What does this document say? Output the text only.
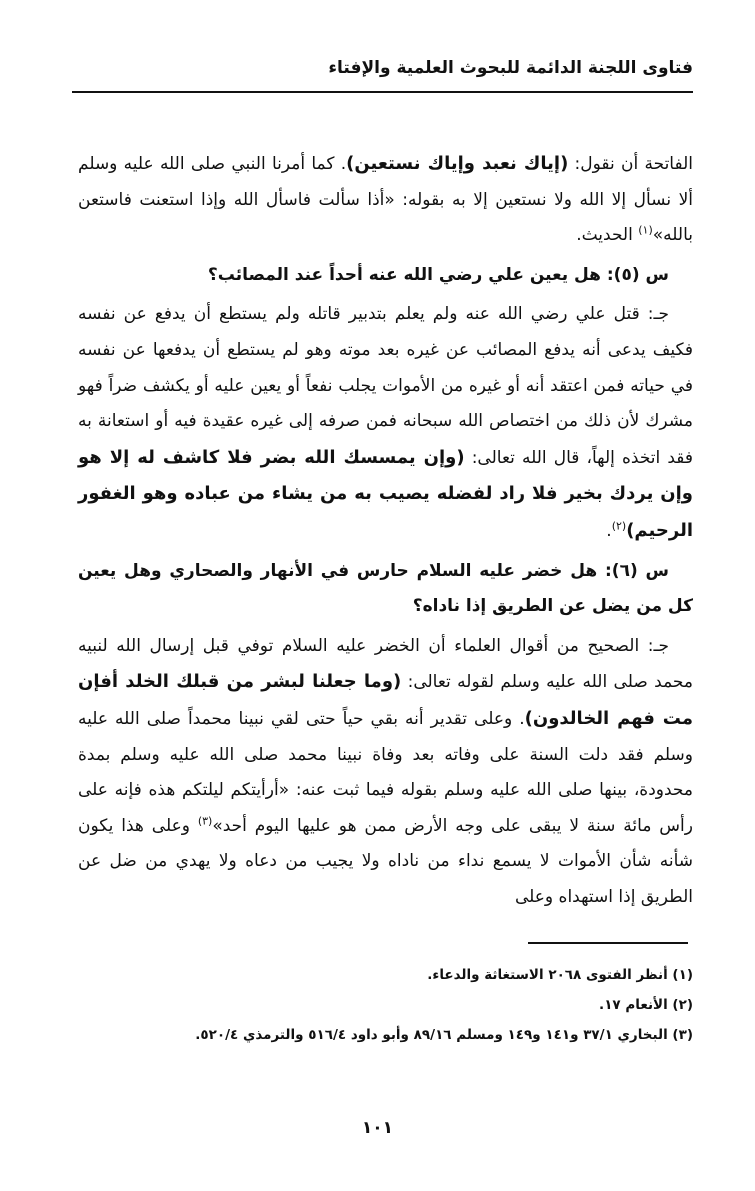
فتاوى اللجنة الدائمة للبحوث العلمية والإفتاء

الفاتحة أن نقول: (إياك نعبد وإياك نستعين). كما أمرنا النبي صلى الله عليه وسلم ألا نسأل إلا الله ولا نستعين إلا به بقوله: «أذا سألت فاسأل الله وإذا استعنت فاستعن بالله»$^{(١)}$ الحديث.

س (٥): هل يعين علي رضي الله عنه أحداً عند المصائب؟

جـ: قتل علي رضي الله عنه ولم يعلم بتدبير قاتله ولم يستطع أن يدفع عن نفسه فكيف يدعى أنه يدفع المصائب عن غيره بعد موته وهو لم يستطع أن يدفعها عن نفسه في حياته فمن اعتقد أنه أو غيره من الأموات يجلب نفعاً أو يعين عليه أو يكشف ضراً فهو مشرك لأن ذلك من اختصاص الله سبحانه فمن صرفه إلى غيره عقيدة فيه أو استعانة به فقد اتخذه إلهاً، قال الله تعالى: (وإن يمسسك الله بضر فلا كاشف له إلا هو وإن يردك بخير فلا راد لفضله يصيب به من يشاء من عباده وهو الغفور الرحيم)$^{(٢)}$.

س (٦): هل خضر عليه السلام حارس في الأنهار والصحاري وهل يعين كل من يضل عن الطريق إذا ناداه؟

جـ: الصحيح من أقوال العلماء أن الخضر عليه السلام توفي قبل إرسال الله لنبيه محمد صلى الله عليه وسلم لقوله تعالى: (وما جعلنا لبشر من قبلك الخلد أفإن مت فهم الخالدون). وعلى تقدير أنه بقي حياً حتى لقي نبينا محمداً صلى الله عليه وسلم فقد دلت السنة على وفاته بعد وفاة نبينا محمد صلى الله عليه وسلم بمدة محدودة، بينها صلى الله عليه وسلم بقوله فيما ثبت عنه: «أرأيتكم ليلتكم هذه فإنه على رأس مائة سنة لا يبقى على وجه الأرض ممن هو عليها اليوم أحد»$^{(٣)}$ وعلى هذا يكون شأنه شأن الأموات لا يسمع نداء من ناداه ولا يجيب من دعاه ولا يهدي من ضل عن الطريق إذا استهداه وعلى

(١) أنظر الفتوى ٢٠٦٨ الاستغاثة والدعاء.
(٢) الأنعام ١٧.
(٣) البخاري ٣٧/١ و١٤١ و١٤٩ ومسلم ٨٩/١٦ وأبو داود ٥١٦/٤ والترمذي ٥٢٠/٤.
١٠١
